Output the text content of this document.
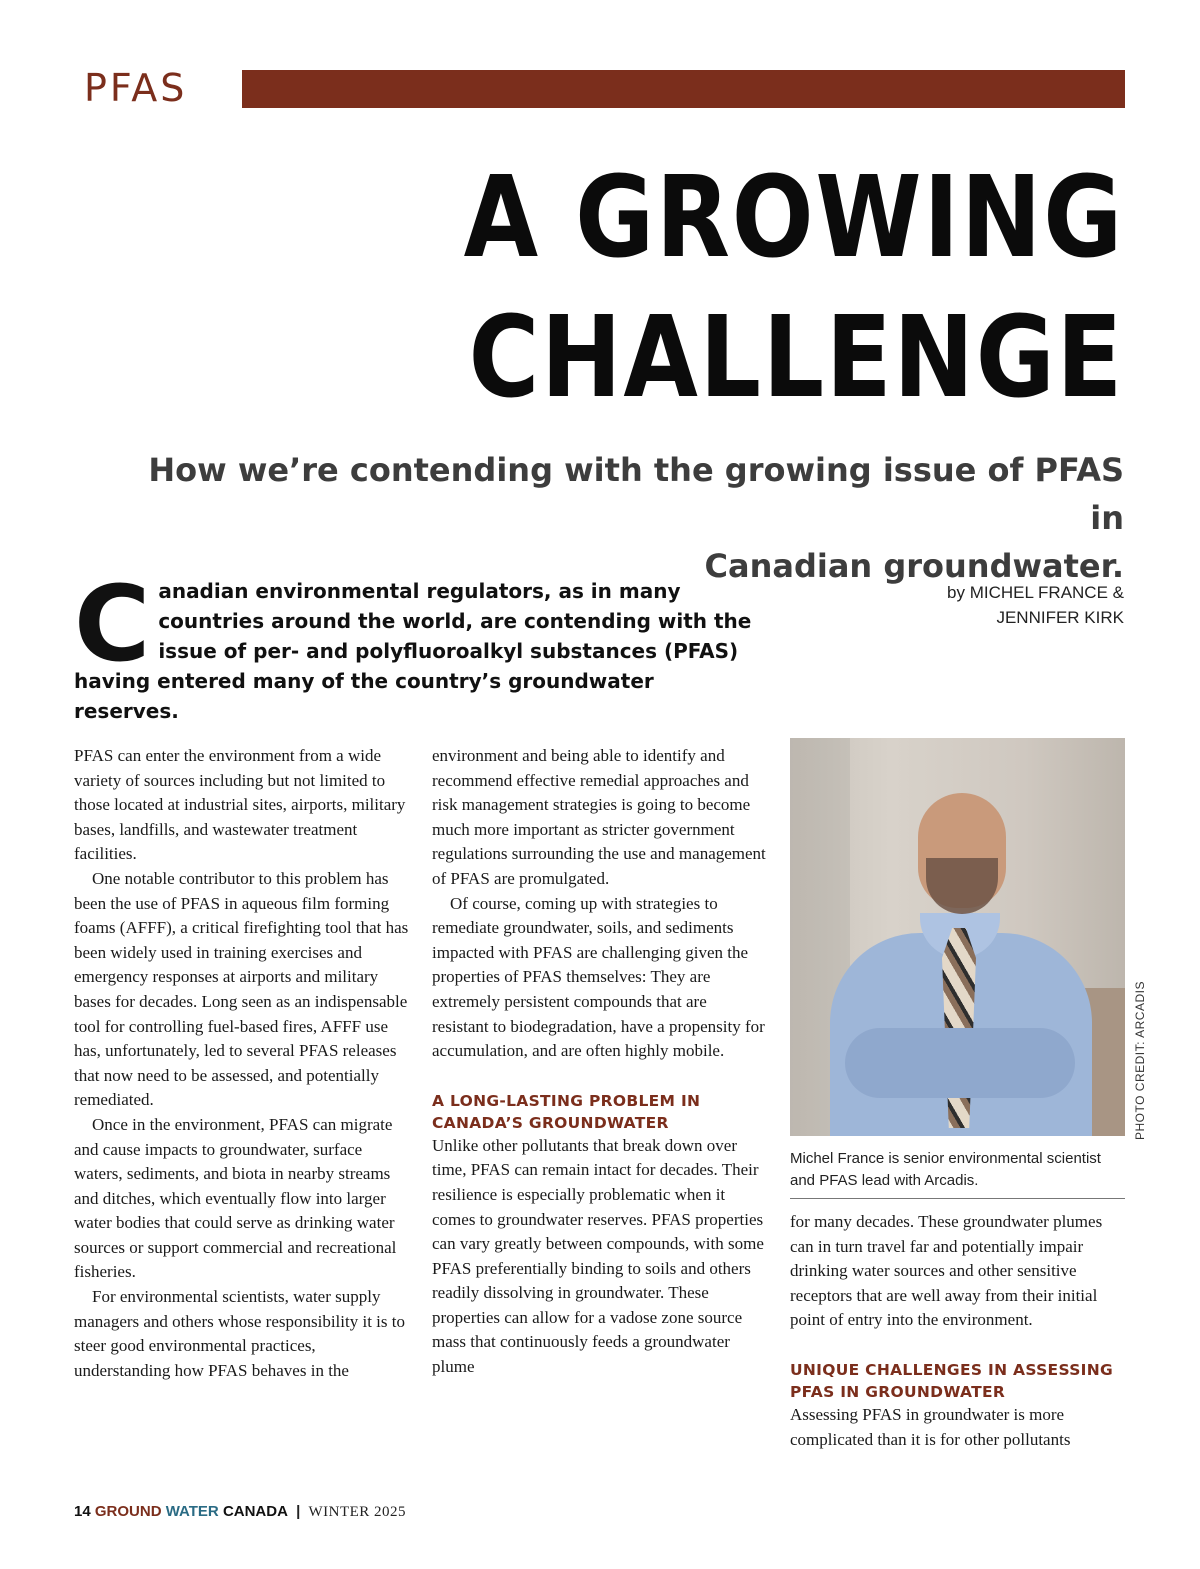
PFAS
A GROWING
CHALLENGE
How we’re contending with the growing issue of PFAS in
Canadian groundwater.

Canadian environmental regulators, as in many countries around the world, are contending with the issue of per- and polyfluoroalkyl substances (PFAS) having entered many of the country’s groundwater reserves.

by MICHEL FRANCE &
JENNIFER KIRK

PFAS can enter the environment from a wide variety of sources including but not limited to those located at industrial sites, airports, military bases, landfills, and wastewater treatment facilities.

One notable contributor to this problem has been the use of PFAS in aqueous film forming foams (AFFF), a critical firefighting tool that has been widely used in training exercises and emergency responses at airports and military bases for decades. Long seen as an indispensable tool for controlling fuel-based fires, AFFF use has, unfortunately, led to several PFAS releases that now need to be assessed, and potentially remediated.

Once in the environment, PFAS can migrate and cause impacts to groundwater, surface waters, sediments, and biota in nearby streams and ditches, which eventually flow into larger water bodies that could serve as drinking water sources or support commercial and recreational fisheries.

For environmental scientists, water supply managers and others whose responsibility it is to steer good environmental practices, understanding how PFAS behaves in the

environment and being able to identify and recommend effective remedial approaches and risk management strategies is going to become much more important as stricter government regulations surrounding the use and management of PFAS are promulgated.

Of course, coming up with strategies to remediate groundwater, soils, and sediments impacted with PFAS are challenging given the properties of PFAS themselves: They are extremely persistent compounds that are resistant to biodegradation, have a propensity for accumulation, and are often highly mobile.

A LONG-LASTING PROBLEM IN CANADA’S GROUNDWATER

Unlike other pollutants that break down over time, PFAS can remain intact for decades. Their resilience is especially problematic when it comes to groundwater reserves. PFAS properties can vary greatly between compounds, with some PFAS preferentially binding to soils and others readily dissolving in groundwater. These properties can allow for a vadose zone source mass that continuously feeds a groundwater plume

PHOTO CREDIT: ARCADIS
Michel France is senior environmental scientist and PFAS lead with Arcadis.

for many decades. These groundwater plumes can in turn travel far and potentially impair drinking water sources and other sensitive receptors that are well away from their initial point of entry into the environment.

UNIQUE CHALLENGES IN ASSESSING PFAS IN GROUNDWATER

Assessing PFAS in groundwater is more complicated than it is for other pollutants

14 GROUND WATER CANADA | WINTER 2025
